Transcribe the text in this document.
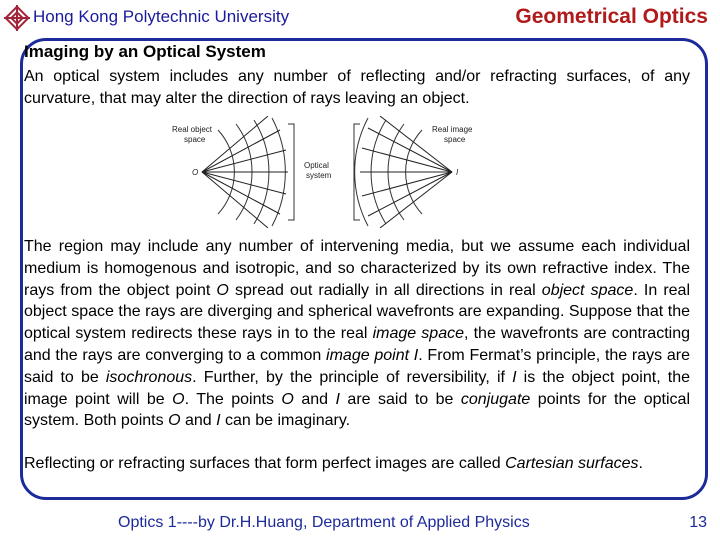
Hong Kong Polytechnic University	Geometrical Optics
Imaging by an Optical System

An optical system includes any number of reflecting and/or refracting surfaces, of any curvature, that may alter the direction of rays leaving an object.

Real object
space
Real image
space
Optical
system
O	I

The region may include any number of intervening media, but we assume each individual medium is homogenous and isotropic, and so characterized by its own refractive index. The rays from the object point O spread out radially in all directions in real object space. In real object space the rays are diverging and spherical wavefronts are expanding. Suppose that the optical system redirects these rays in to the real image space, the wavefronts are contracting and the rays are converging to a common image point I. From Fermat’s principle, the rays are said to be isochronous. Further, by the principle of reversibility, if I is the object point, the image point will be O. The points O and I are said to be conjugate points for the optical system. Both points O and I can be imaginary.

Reflecting or refracting surfaces that form perfect images are called Cartesian surfaces.

Optics 1----by Dr.H.Huang, Department of Applied Physics	13
